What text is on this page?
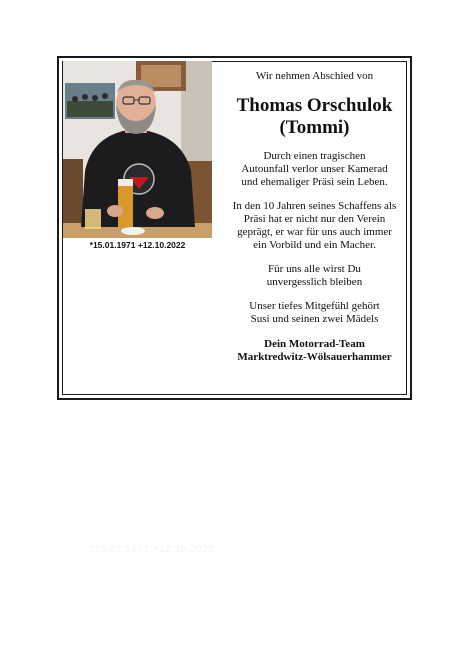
*15.01.1971 +12.10.2022
Wir nehmen Abschied von
Thomas Orschulok
(Tommi)
Durch einen tragischen
Autounfall verlor unser Kamerad
und ehemaliger Präsi sein Leben.
In den 10 Jahren seines Schaffens als
Präsi hat er nicht nur den Verein
geprägt, er war für uns auch immer
ein Vorbild und ein Macher.
Für uns alle wirst Du
unvergesslich bleiben
Unser tiefes Mitgefühl gehört
Susi und seinen zwei Mädels
Dein Motorrad-Team
Marktredwitz-Wölsauerhammer
*15.01.1971 +12.10.2022
